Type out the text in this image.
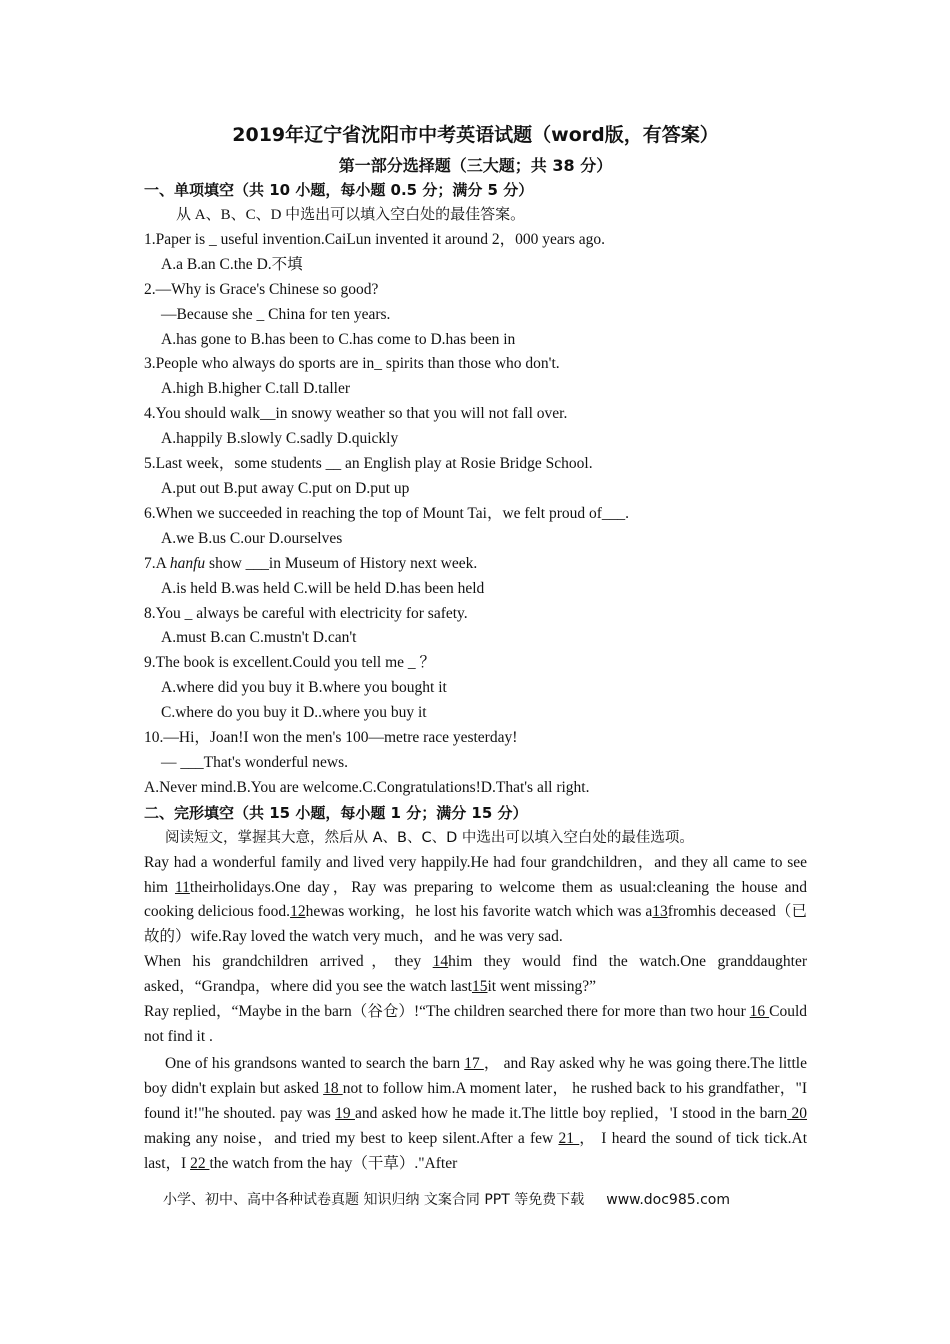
2019年辽宁省沈阳市中考英语试题（word版，有答案）
第一部分选择题（三大题；共 38 分）
一、单项填空（共 10 小题，每小题 0.5 分；满分 5 分）
从 A、B、C、D 中选出可以填入空白处的最佳答案。
1.Paper is _ useful invention.CaiLun invented it around 2，000 years ago.
A.a B.an C.the D.不填
2.—Why is Grace's Chinese so good?
—Because she _ China for ten years.
A.has gone to B.has been to C.has come to D.has been in
3.People who always do sports are in_ spirits than those who don't.
A.high B.higher C.tall D.taller
4.You should walk__in snowy weather so that you will not fall over.
A.happily B.slowly C.sadly D.quickly
5.Last week，some students __ an English play at Rosie Bridge School.
A.put out B.put away C.put on D.put up
6.When we succeeded in reaching the top of Mount Tai，we felt proud of___.
A.we B.us C.our D.ourselves
7.A hanfu show ___in Museum of History next week.
A.is held B.was held C.will be held D.has been held
8.You _ always be careful with electricity for safety.
A.must B.can C.mustn't D.can't
9.The book is excellent.Could you tell me _ ？
A.where did you buy it B.where you bought it
C.where do you buy it D..where you buy it
10.—Hi，Joan!I won the men's 100—metre race yesterday!
— ___That's wonderful news.
A.Never mind.B.You are welcome.C.Congratulations!D.That's all right.
二、完形填空（共 15 小题，每小题 1 分；满分 15 分）
阅读短文，掌握其大意，然后从 A、B、C、D 中选出可以填入空白处的最佳选项。
Ray had a wonderful family and lived very happily.He had four grandchildren，and they all came to see him 11theirholidays.One day，Ray was preparing to welcome them as usual:cleaning the house and cooking delicious food.12hewas working，he lost his favorite watch which was a13fromhis deceased（已故的）wife.Ray loved the watch very much，and he was very sad.
When his grandchildren arrived，they 14him they would find the watch.One granddaughter asked，“Grandpa，where did you see the watch last15it went missing?”
Ray replied，“Maybe in the barn（谷仓）!“The children searched there for more than two hour 16 Could not find it .
One of his grandsons wanted to search the barn 17 ， and Ray asked why he was going there.The little boy didn't explain but asked 18 not to follow him.A moment later， he rushed back to his grandfather，"I found it!"he shouted. pay was 19 and asked how he made it.The little boy replied，'I stood in the barn 20 making any noise，and tried my best to keep silent.After a few 21 ， I heard the sound of tick tick.At last，I 22 the watch from the hay（干草）."After
小学、初中、高中各种试卷真题 知识归纳 文案合同 PPT 等免费下载 www.doc985.com
